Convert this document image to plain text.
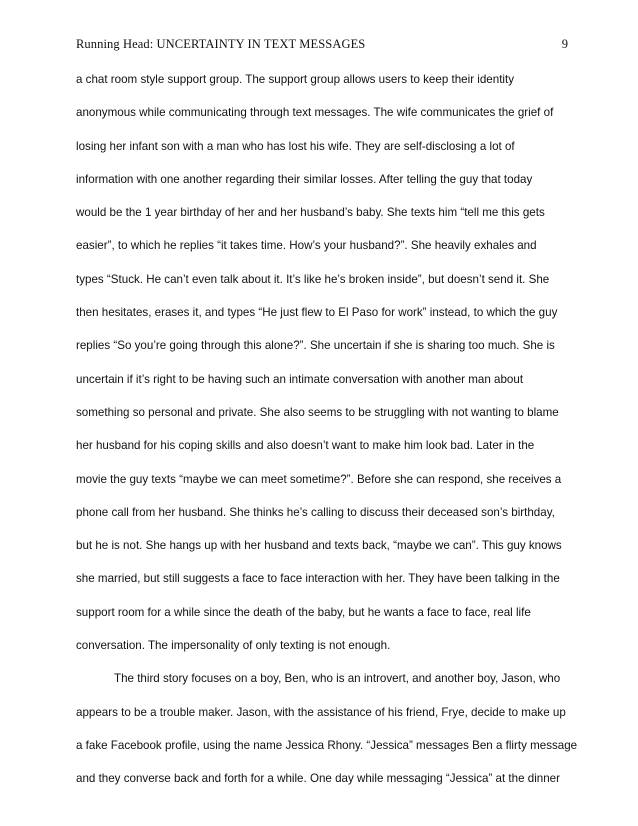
Running Head: UNCERTAINTY IN TEXT MESSAGES	9
a chat room style support group. The support group allows users to keep their identity
anonymous while communicating through text messages. The wife communicates the grief of
losing her infant son with a man who has lost his wife. They are self-disclosing a lot of
information with one another regarding their similar losses. After telling the guy that today
would be the 1 year birthday of her and her husband’s baby. She texts him “tell me this gets
easier”, to which he replies “it takes time. How’s your husband?”. She heavily exhales and
types “Stuck. He can’t even talk about it. It’s like he’s broken inside”, but doesn’t send it. She
then hesitates, erases it, and types “He just flew to El Paso for work” instead, to which the guy
replies “So you’re going through this alone?”. She uncertain if she is sharing too much. She is
uncertain if it’s right to be having such an intimate conversation with another man about
something so personal and private. She also seems to be struggling with not wanting to blame
her husband for his coping skills and also doesn’t want to make him look bad. Later in the
movie the guy texts “maybe we can meet sometime?”. Before she can respond, she receives a
phone call from her husband. She thinks he’s calling to discuss their deceased son’s birthday,
but he is not. She hangs up with her husband and texts back, “maybe we can”. This guy knows
she married, but still suggests a face to face interaction with her. They have been talking in the
support room for a while since the death of the baby, but he wants a face to face, real life
conversation. The impersonality of only texting is not enough.
The third story focuses on a boy, Ben, who is an introvert, and another boy, Jason, who
appears to be a trouble maker. Jason, with the assistance of his friend, Frye, decide to make up
a fake Facebook profile, using the name Jessica Rhony. “Jessica” messages Ben a flirty message
and they converse back and forth for a while. One day while messaging “Jessica” at the dinner
